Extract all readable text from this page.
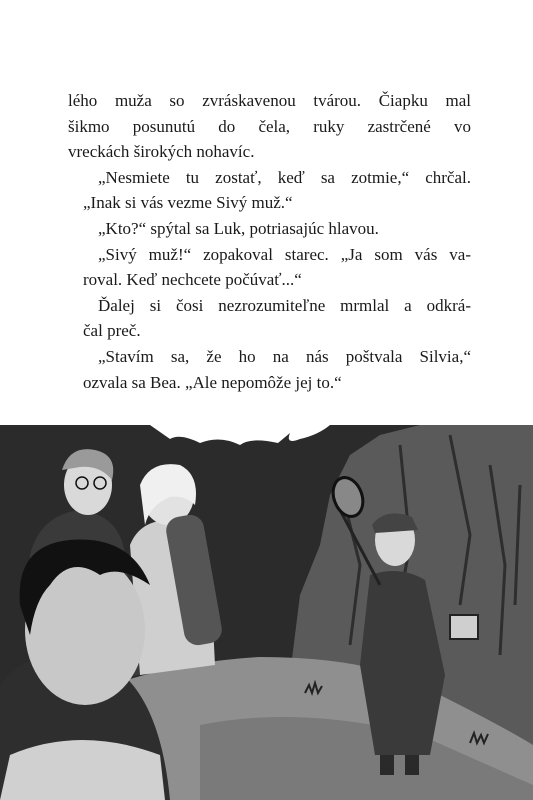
lého muža so zvráskavenou tvárou. Čiapku mal
šikmo posunutú do čela, ruky zastrčené vo
vreckách širokých nohavíc.
„Nesmiete tu zostať, keď sa zotmie,“ chrčal.
„Inak si vás vezme Sivý muž.“
„Kto?“ spýtal sa Luk, potriasajúc hlavou.
„Sivý muž!“ zopakoval starec. „Ja som vás va-
roval. Keď nechcete počúvať...“
Ďalej si čosi nezrozumiteľne mrmlal a odkrá-
čal preč.
„Stavím sa, že ho na nás poštvala Silvia,“
ozvala sa Bea. „Ale nepomôže jej to.“
